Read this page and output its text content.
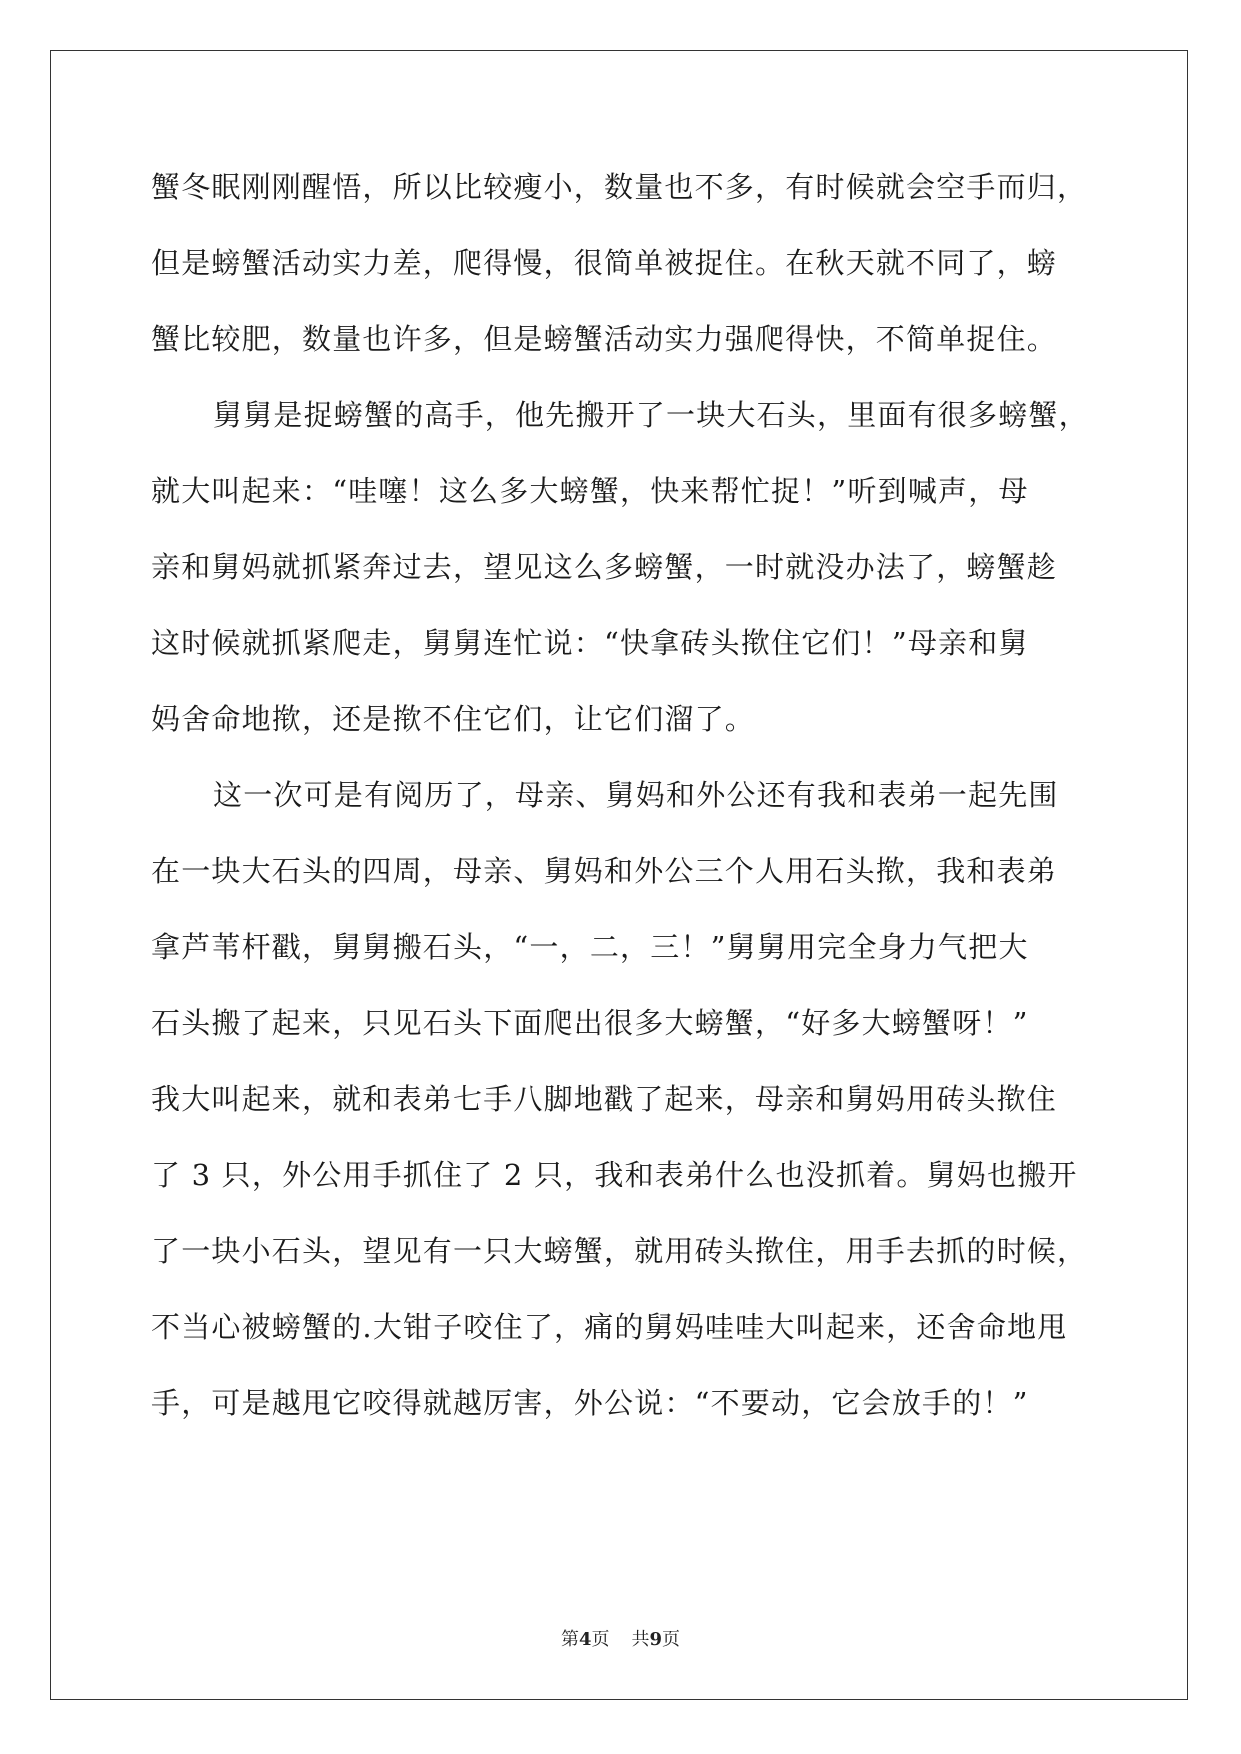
蟹冬眠刚刚醒悟，所以比较瘦小，数量也不多，有时候就会空手而归，
但是螃蟹活动实力差，爬得慢，很简单被捉住。在秋天就不同了，螃
蟹比较肥，数量也许多，但是螃蟹活动实力强爬得快，不简单捉住。
舅舅是捉螃蟹的高手，他先搬开了一块大石头，里面有很多螃蟹，
就大叫起来：“哇噻！这么多大螃蟹，快来帮忙捉！”听到喊声，母
亲和舅妈就抓紧奔过去，望见这么多螃蟹，一时就没办法了，螃蟹趁
这时候就抓紧爬走，舅舅连忙说：“快拿砖头揿住它们！”母亲和舅
妈舍命地揿，还是揿不住它们，让它们溜了。
这一次可是有阅历了，母亲、舅妈和外公还有我和表弟一起先围
在一块大石头的四周，母亲、舅妈和外公三个人用石头揿，我和表弟
拿芦苇杆戳，舅舅搬石头，“一，二，三！”舅舅用完全身力气把大
石头搬了起来，只见石头下面爬出很多大螃蟹，“好多大螃蟹呀！”
我大叫起来，就和表弟七手八脚地戳了起来，母亲和舅妈用砖头揿住
了 3 只，外公用手抓住了 2 只，我和表弟什么也没抓着。舅妈也搬开
了一块小石头，望见有一只大螃蟹，就用砖头揿住，用手去抓的时候，
不当心被螃蟹的.大钳子咬住了，痛的舅妈哇哇大叫起来，还舍命地甩
手，可是越甩它咬得就越厉害，外公说：“不要动，它会放手的！”
第4页 共9页
